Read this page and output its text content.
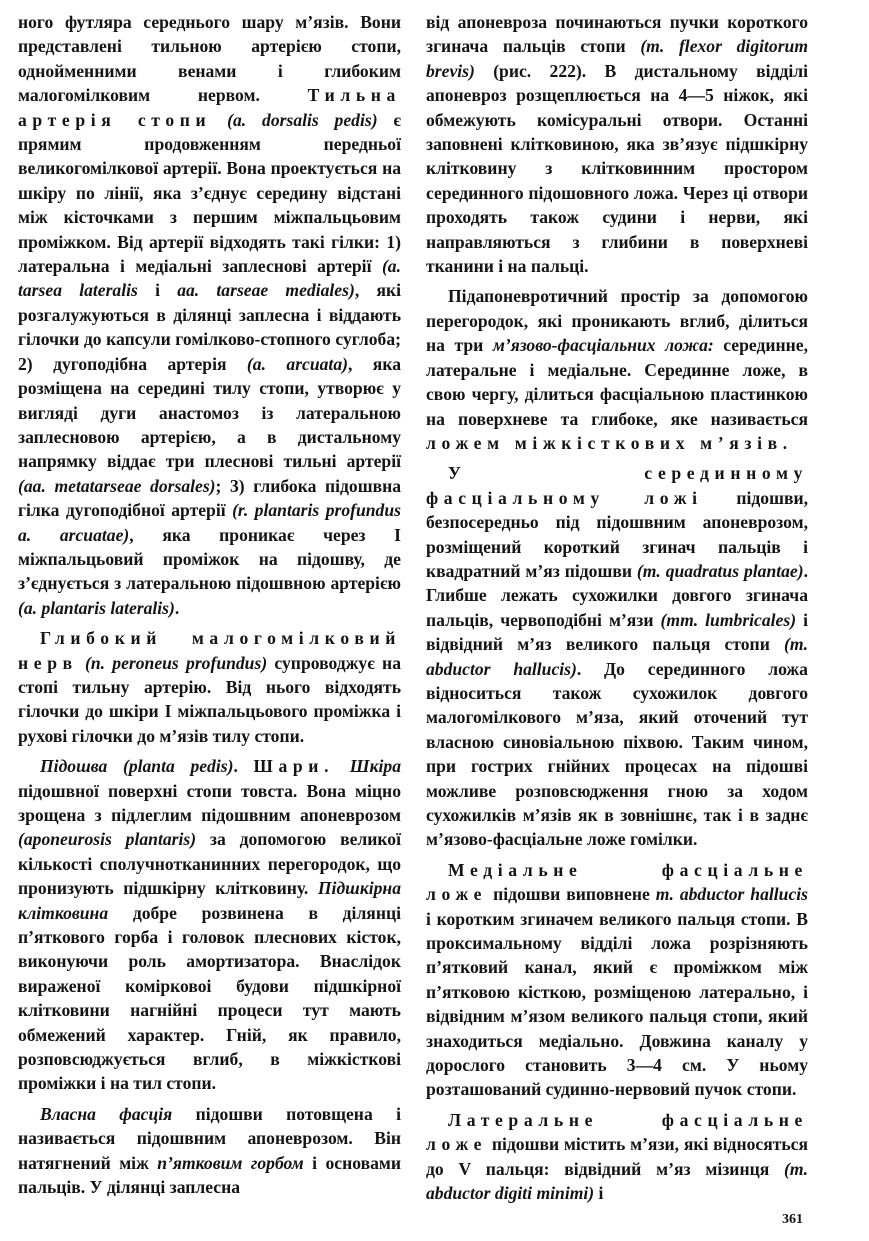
ного футляра середнього шару м’язів. Вони представлені тильною артерією стопи, однойменними венами і глибоким малогомілковим нервом. Тильна артерія стопи (a. dorsalis pedis) є прямим продовженням передньої великогомілкової артерії. Вона проектується на шкіру по лінії, яка з’єднує середину відстані між кісточками з першим міжпальцьовим проміжком. Від артерії відходять такі гілки: 1) латеральна і медіальні заплеснові артерії (a. tarsea lateralis і aa. tarseae mediales), які розгалужуються в ділянці заплесна і віддають гілочки до капсули гомілково-стопного суглоба; 2) дугоподібна артерія (a. arcuata), яка розміщена на середині тилу стопи, утворює у вигляді дуги анастомоз із латеральною заплесновою артерією, а в дистальному напрямку віддає три плеснові тильні артерії (aa. metatarseae dorsales); 3) глибока підошвна гілка дугоподібної артерії (r. plantaris profundus a. arcuatae), яка проникає через I міжпальцьовий проміжок на підошву, де з’єднується з латеральною підошвною артерією (a. plantaris lateralis).

Глибокий малогомілковий нерв (n. peroneus profundus) супроводжує на стопі тильну артерію. Від нього відходять гілочки до шкіри I міжпальцьового проміжка і рухові гілочки до м’язів тилу стопи.

Підошва (planta pedis). Шари. Шкіра підошвної поверхні стопи товста. Вона міцно зрощена з підлеглим підошвним апоневрозом (aponeurosis plantaris) за допомогою великої кількості сполучнотканинних перегородок, що пронизують підшкірну клітковину. Підшкірна клітковина добре розвинена в ділянці п’яткового горба і головок плеснових кісток, виконуючи роль амортизатора. Внаслідок вираженої комірковоі будови підшкірної клітковини нагнійні процеси тут мають обмежений характер. Гній, як правило, розповсюджується вглиб, в міжкісткові проміжки і на тил стопи.

Власна фасція підошви потовщена і називається підошвним апоневрозом. Він натягнений між п’ятковим горбом і основами пальців. У ділянці заплесна

від апоневроза починаються пучки короткого згинача пальців стопи (m. flexor digitorum brevis) (рис. 222). В дистальному відділі апоневроз розщеплюється на 4—5 ніжок, які обмежують комісуральні отвори. Останні заповнені клітковиною, яка зв’язує підшкірну клітковину з клітковинним простором серединного підошовного ложа. Через ці отвори проходять також судини і нерви, які направляються з глибини в поверхневі тканини і на пальці.

Підапоневротичний простір за допомогою перегородок, які проникають вглиб, ділиться на три м’язово-фасціальних ложа: серединне, латеральне і медіальне. Серединне ложе, в свою чергу, ділиться фасціальною пластинкою на поверхневе та глибоке, яке називається ложем міжкісткових м’язів.

У серединному фасціальному ложі підошви, безпосередньо під підошвним апоневрозом, розміщений короткий згинач пальців і квадратний м’яз підошви (m. quadratus plantae). Глибше лежать сухожилки довгого згинача пальців, червоподібні м’язи (mm. lumbricales) і відвідний м’яз великого пальця стопи (m. abductor hallucis). До серединного ложа відноситься також сухожилок довгого малогомілкового м’яза, який оточений тут власною синовіальною піхвою. Таким чином, при гострих гнійних процесах на підошві можливе розповсюдження гною за ходом сухожилків м’язів як в зовнішнє, так і в заднє м’язово-фасціальне ложе гомілки.

Медіальне фасціальне ложе підошви виповнене m. abductor hallucis і коротким згиначем великого пальця стопи. В проксимальному відділі ложа розрізняють п’ятковий канал, який є проміжком між п’ятковою кісткою, розміщеною латерально, і відвідним м’язом великого пальця стопи, який знаходиться медіально. Довжина каналу у дорослого становить 3—4 см. У ньому розташований судинно-нервовий пучок стопи.

Латеральне фасціальне ложе підошви містить м’язи, які відносяться до V пальця: відвідний м’яз мізинця (m. abductor digiti minimi) і

361
